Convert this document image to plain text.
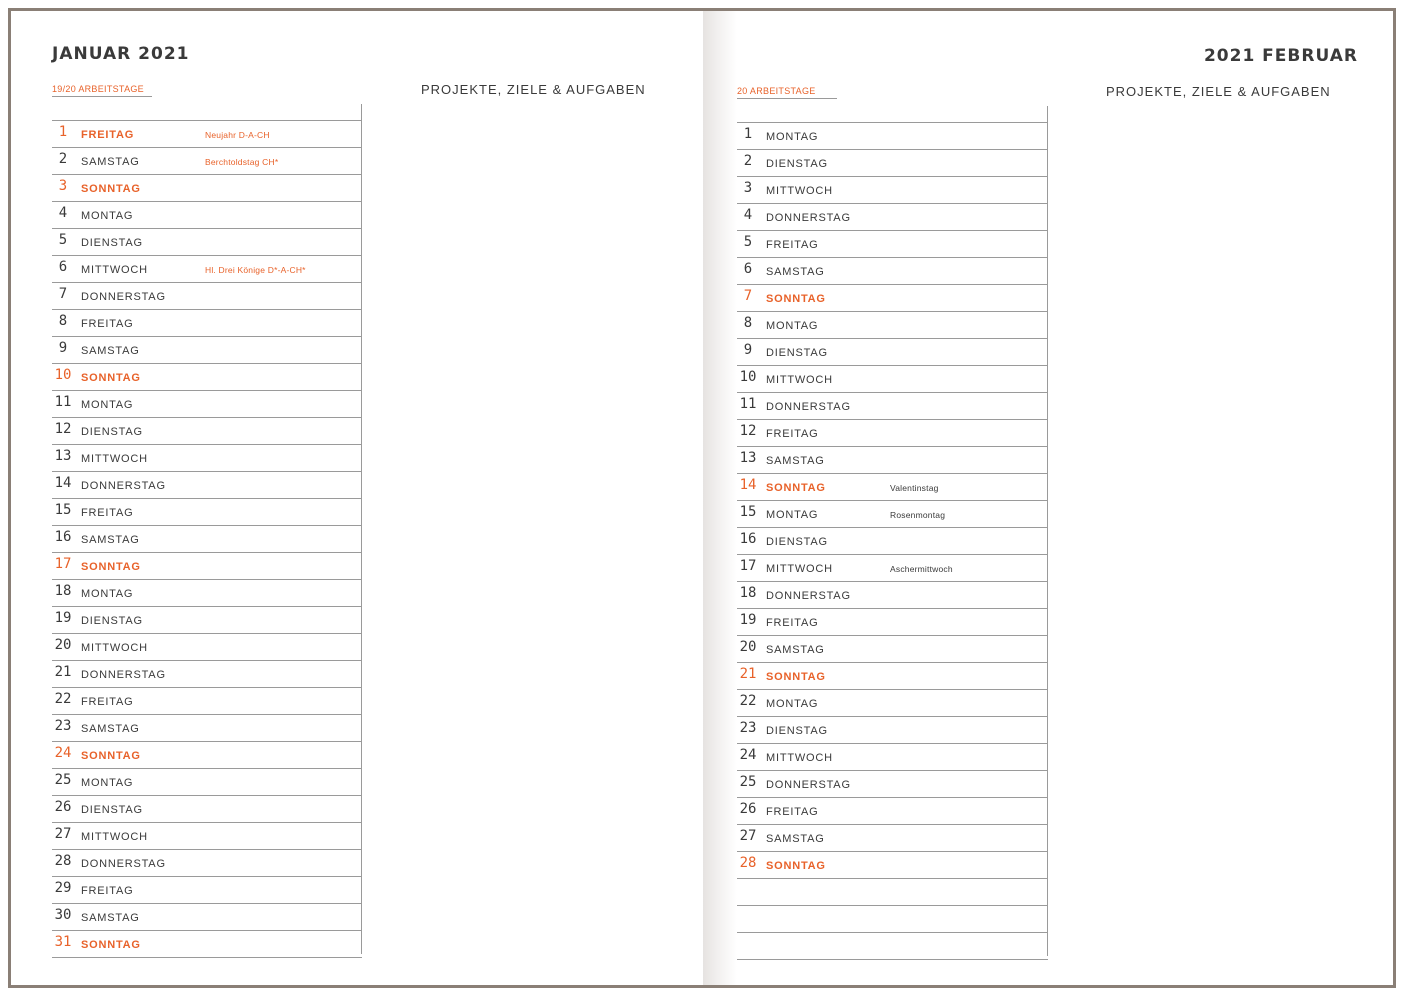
JANUAR 2021
19/20 ARBEITSTAGE	PROJEKTE, ZIELE & AUFGABEN
1	FREITAG	Neujahr D-A-CH
2	SAMSTAG	Berchtoldstag CH*
3	SONNTAG
4	MONTAG
5	DIENSTAG
6	MITTWOCH	Hl. Drei Könige D*-A-CH*
7	DONNERSTAG
8	FREITAG
9	SAMSTAG
10 SONNTAG
11 MONTAG
12 DIENSTAG
13 MITTWOCH
14 DONNERSTAG
15 FREITAG
16 SAMSTAG
17 SONNTAG
18 MONTAG
19 DIENSTAG
20 MITTWOCH
21 DONNERSTAG
22 FREITAG
23 SAMSTAG
24 SONNTAG
25 MONTAG
26 DIENSTAG
27 MITTWOCH
28 DONNERSTAG
29 FREITAG
30 SAMSTAG
31 SONNTAG
2021 FEBRUAR
20 ARBEITSTAGE	PROJEKTE, ZIELE & AUFGABEN
1	MONTAG
2	DIENSTAG
3	MITTWOCH
4	DONNERSTAG
5	FREITAG
6	SAMSTAG
7	SONNTAG
8	MONTAG
9	DIENSTAG
10 MITTWOCH
11 DONNERSTAG
12 FREITAG
13 SAMSTAG
14 SONNTAG	Valentinstag
15 MONTAG	Rosenmontag
16 DIENSTAG
17 MITTWOCH	Aschermittwoch
18 DONNERSTAG
19 FREITAG
20 SAMSTAG
21 SONNTAG
22 MONTAG
23 DIENSTAG
24 MITTWOCH
25 DONNERSTAG
26 FREITAG
27 SAMSTAG
28 SONNTAG
